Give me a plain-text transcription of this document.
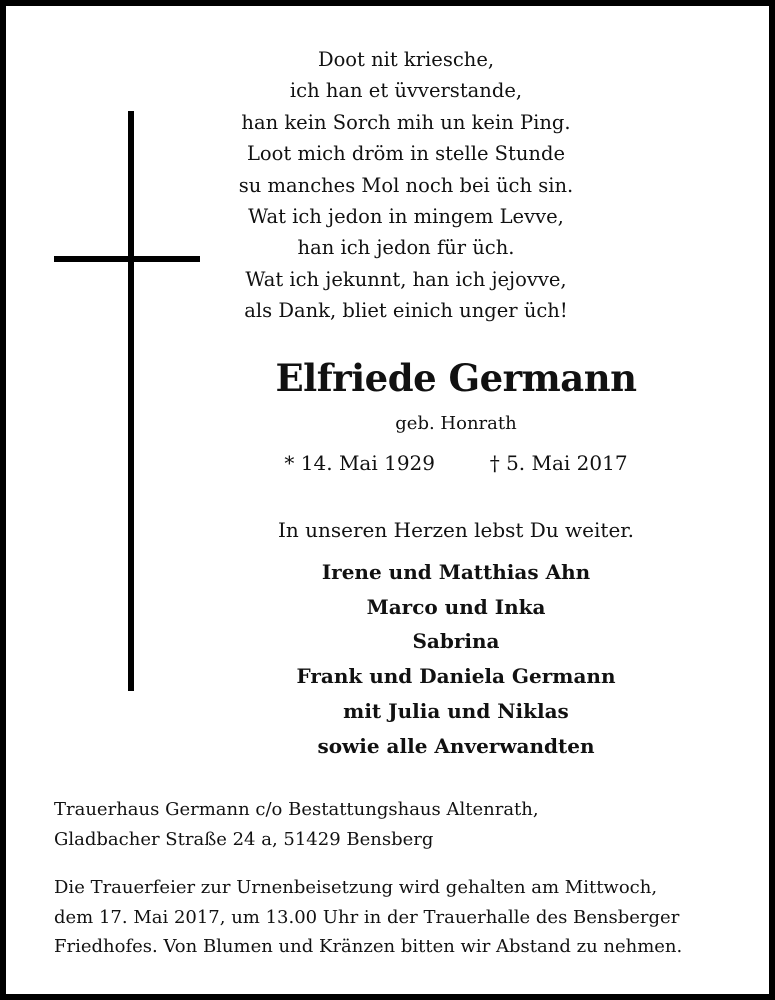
Doot nit kriesche,
ich han et üvverstande,
han kein Sorch mih un kein Ping.
Loot mich dröm in stelle Stunde
su manches Mol noch bei üch sin.
Wat ich jedon in mingem Levve,
han ich jedon für üch.
Wat ich jekunnt, han ich jejovve,
als Dank, bliet einich unger üch!
Elfriede Germann
geb. Honrath
* 14. Mai 1929	† 5. Mai 2017
In unseren Herzen lebst Du weiter.
Irene und Matthias Ahn
Marco und Inka
Sabrina
Frank und Daniela Germann
mit Julia und Niklas
sowie alle Anverwandten
Trauerhaus Germann c/o Bestattungshaus Altenrath,
Gladbacher Straße 24 a, 51429 Bensberg
Die Trauerfeier zur Urnenbeisetzung wird gehalten am Mittwoch,
dem 17. Mai 2017, um 13.00 Uhr in der Trauerhalle des Bensberger
Friedhofes. Von Blumen und Kränzen bitten wir Abstand zu nehmen.
